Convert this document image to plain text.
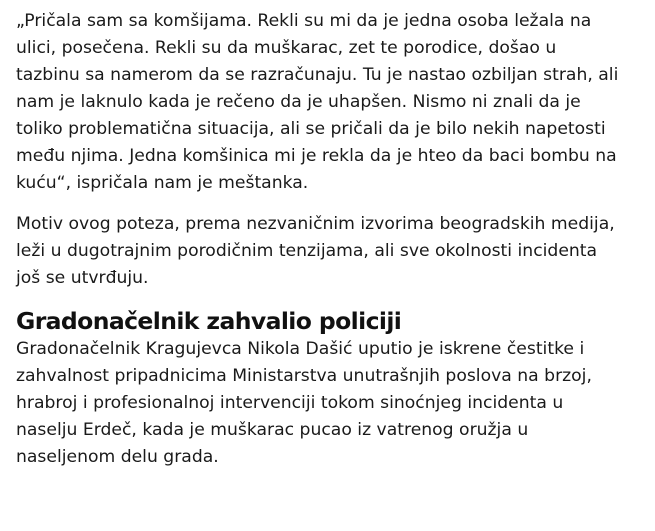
„Pričala sam sa komšijama. Rekli su mi da je jedna osoba ležala na
ulici, posečena. Rekli su da muškarac, zet te porodice, došao u
tazbinu sa namerom da se razračunaju. Tu je nastao ozbiljan strah, ali
nam je laknulo kada je rečeno da je uhapšen. Nismo ni znali da je
toliko problematična situacija, ali se pričali da je bilo nekih napetosti
među njima. Jedna komšinica mi je rekla da je hteo da baci bombu na
kuću“, ispričala nam je meštanka.

Motiv ovog poteza, prema nezvaničnim izvorima beogradskih medija,
leži u dugotrajnim porodičnim tenzijama, ali sve okolnosti incidenta
još se utvrđuju.

Gradonačelnik zahvalio policiji

Gradonačelnik Kragujevca Nikola Dašić uputio je iskrene čestitke i
zahvalnost pripadnicima Ministarstva unutrašnjih poslova na brzoj,
hrabroj i profesionalnoj intervenciji tokom sinoćnjeg incidenta u
naselju Erdeč, kada je muškarac pucao iz vatrenog oružja u
naseljenom delu grada.
